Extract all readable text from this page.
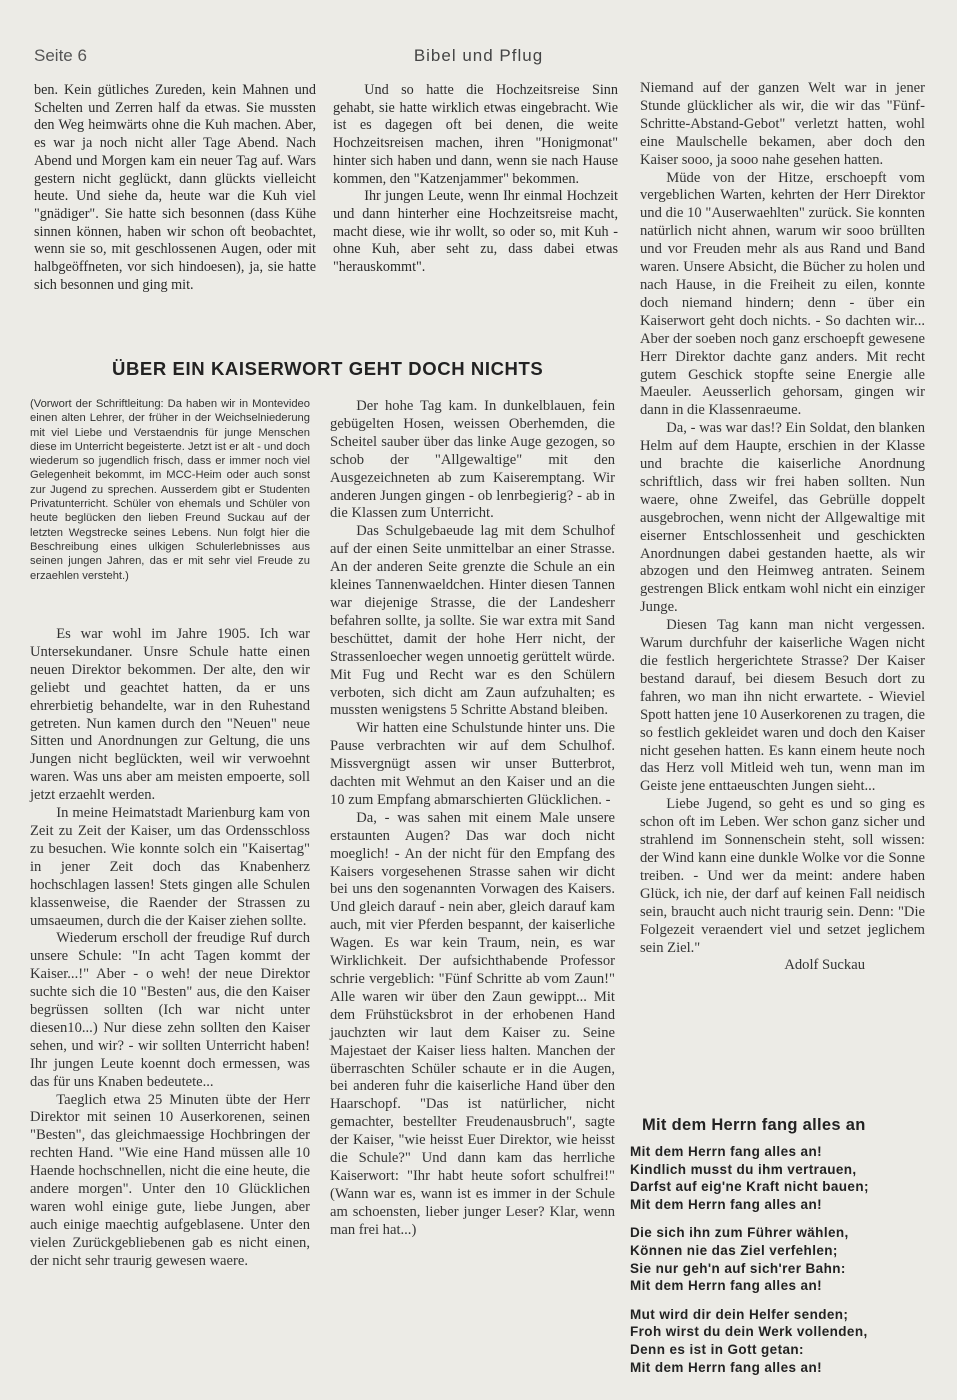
Seite 6	Bibel und Pflug

ben. Kein gütliches Zureden, kein Mahnen und Schelten und Zerren half da etwas. Sie mussten den Weg heimwärts ohne die Kuh machen. Aber, es war ja noch nicht aller Tage Abend. Nach Abend und Morgen kam ein neuer Tag auf. Wars gestern nicht geglückt, dann glückts vielleicht heute. Und siehe da, heute war die Kuh viel "gnädiger". Sie hatte sich besonnen (dass Kühe sinnen können, haben wir schon oft beobachtet, wenn sie so, mit geschlossenen Augen, oder mit halbgeöffneten, vor sich hindoesen), ja, sie hatte sich besonnen und ging mit.

Und so hatte die Hochzeitsreise Sinn gehabt, sie hatte wirklich etwas eingebracht. Wie ist es dagegen oft bei denen, die weite Hochzeitsreisen machen, ihren "Honigmonat" hinter sich haben und dann, wenn sie nach Hause kommen, den "Katzenjammer" bekommen.

Ihr jungen Leute, wenn Ihr einmal Hochzeit und dann hinterher eine Hochzeitsreise macht, macht diese, wie ihr wollt, so oder so, mit Kuh - ohne Kuh, aber seht zu, dass dabei etwas "herauskommt".

ÜBER EIN KAISERWORT GEHT DOCH NICHTS

(Vorwort der Schriftleitung: Da haben wir in Montevideo einen alten Lehrer, der früher in der Weichselniederung mit viel Liebe und Verstaendnis für junge Menschen diese im Unterricht begeisterte. Jetzt ist er alt - und doch wiederum so jugendlich frisch, dass er immer noch viel Gelegenheit bekommt, im MCC-Heim oder auch sonst zur Jugend zu sprechen. Ausserdem gibt er Studenten Privatunterricht. Schüler von ehemals und Schüler von heute beglücken den lieben Freund Suckau auf der letzten Wegstrecke seines Lebens. Nun folgt hier die Beschreibung eines ulkigen Schulerlebnisses aus seinen jungen Jahren, das er mit sehr viel Freude zu erzaehlen versteht.)

Es war wohl im Jahre 1905. Ich war Untersekundaner. Unsre Schule hatte einen neuen Direktor bekommen. Der alte, den wir geliebt und geachtet hatten, da er uns ehrerbietig behandelte, war in den Ruhestand getreten. Nun kamen durch den "Neuen" neue Sitten und Anordnungen zur Geltung, die uns Jungen nicht beglückten, weil wir verwoehnt waren. Was uns aber am meisten empoerte, soll jetzt erzaehlt werden.

In meine Heimatstadt Marienburg kam von Zeit zu Zeit der Kaiser, um das Ordensschloss zu besuchen. Wie konnte solch ein "Kaisertag" in jener Zeit doch das Knabenherz hochschlagen lassen! Stets gingen alle Schulen klassenweise, die Raender der Strassen zu umsaeumen, durch die der Kaiser ziehen sollte.

Wiederum erscholl der freudige Ruf durch unsere Schule: "In acht Tagen kommt der Kaiser...!" Aber - o weh! der neue Direktor suchte sich die 10 "Besten" aus, die den Kaiser begrüssen sollten (Ich war nicht unter diesen10...) Nur diese zehn sollten den Kaiser sehen, und wir? - wir sollten Unterricht haben! Ihr jungen Leute koennt doch ermessen, was das für uns Knaben bedeutete...

Taeglich etwa 25 Minuten übte der Herr Direktor mit seinen 10 Auserkorenen, seinen "Besten", das gleichmaessige Hochbringen der rechten Hand. "Wie eine Hand müssen alle 10 Haende hochschnellen, nicht die eine heute, die andere morgen". Unter den 10 Glücklichen waren wohl einige gute, liebe Jungen, aber auch einige maechtig aufgeblasene. Unter den vielen Zurückgebliebenen gab es nicht einen, der nicht sehr traurig gewesen waere.

Der hohe Tag kam. In dunkelblauen, fein gebügelten Hosen, weissen Oberhemden, die Scheitel sauber über das linke Auge gezogen, so schob der "Allgewaltige" mit den Ausgezeichneten ab zum Kaiseremptang. Wir anderen Jungen gingen - ob lenrbegierig? - ab in die Klassen zum Unterricht.

Das Schulgebaeude lag mit dem Schulhof auf der einen Seite unmittelbar an einer Strasse. An der anderen Seite grenzte die Schule an ein kleines Tannenwaeldchen. Hinter diesen Tannen war diejenige Strasse, die der Landesherr befahren sollte, ja sollte. Sie war extra mit Sand beschüttet, damit der hohe Herr nicht, der Strassenloecher wegen unnoetig gerüttelt würde. Mit Fug und Recht war es den Schülern verboten, sich dicht am Zaun aufzuhalten; es mussten wenigstens 5 Schritte Abstand bleiben.

Wir hatten eine Schulstunde hinter uns. Die Pause verbrachten wir auf dem Schulhof. Missvergnügt assen wir unser Butterbrot, dachten mit Wehmut an den Kaiser und an die 10 zum Empfang abmarschierten Glücklichen. -

Da, - was sahen mit einem Male unsere erstaunten Augen? Das war doch nicht moeglich! - An der nicht für den Empfang des Kaisers vorgesehenen Strasse sahen wir dicht bei uns den sogenannten Vorwagen des Kaisers. Und gleich darauf - nein aber, gleich darauf kam auch, mit vier Pferden bespannt, der kaiserliche Wagen. Es war kein Traum, nein, es war Wirklichkeit. Der aufsichthabende Professor schrie vergeblich: "Fünf Schritte ab vom Zaun!" Alle waren wir über den Zaun gewippt... Mit dem Frühstücksbrot in der erhobenen Hand jauchzten wir laut dem Kaiser zu. Seine Majestaet der Kaiser liess halten. Manchen der überraschten Schüler schaute er in die Augen, bei anderen fuhr die kaiserliche Hand über den Haarschopf. "Das ist natürlicher, nicht gemachter, bestellter Freudenausbruch", sagte der Kaiser, "wie heisst Euer Direktor, wie heisst die Schule?" Und dann kam das herrliche Kaiserwort: "Ihr habt heute sofort schulfrei!" (Wann war es, wann ist es immer in der Schule am schoensten, lieber junger Leser? Klar, wenn man frei hat...)

Niemand auf der ganzen Welt war in jener Stunde glücklicher als wir, die wir das "Fünf-Schritte-Abstand-Gebot" verletzt hatten, wohl eine Maulschelle bekamen, aber doch den Kaiser sooo, ja sooo nahe gesehen hatten.

Müde von der Hitze, erschoepft vom vergeblichen Warten, kehrten der Herr Direktor und die 10 "Auserwaehlten" zurück. Sie konnten natürlich nicht ahnen, warum wir sooo brüllten und vor Freuden mehr als aus Rand und Band waren. Unsere Absicht, die Bücher zu holen und nach Hause, in die Freiheit zu eilen, konnte doch niemand hindern; denn - über ein Kaiserwort geht doch nichts. - So dachten wir... Aber der soeben noch ganz erschoepft gewesene Herr Direktor dachte ganz anders. Mit recht gutem Geschick stopfte seine Energie alle Maeuler. Aeusserlich gehorsam, gingen wir dann in die Klassenraeume.

Da, - was war das!? Ein Soldat, den blanken Helm auf dem Haupte, erschien in der Klasse und brachte die kaiserliche Anordnung schriftlich, dass wir frei haben sollten. Nun waere, ohne Zweifel, das Gebrülle doppelt ausgebrochen, wenn nicht der Allgewaltige mit eiserner Entschlossenheit und geschickten Anordnungen dabei gestanden haette, als wir abzogen und den Heimweg antraten. Seinem gestrengen Blick entkam wohl nicht ein einziger Junge.

Diesen Tag kann man nicht vergessen. Warum durchfuhr der kaiserliche Wagen nicht die festlich hergerichtete Strasse? Der Kaiser bestand darauf, bei diesem Besuch dort zu fahren, wo man ihn nicht erwartete. - Wieviel Spott hatten jene 10 Auserkorenen zu tragen, die so festlich gekleidet waren und doch den Kaiser nicht gesehen hatten. Es kann einem heute noch das Herz voll Mitleid weh tun, wenn man im Geiste jene enttaeuschten Jungen sieht...

Liebe Jugend, so geht es und so ging es schon oft im Leben. Wer schon ganz sicher und strahlend im Sonnenschein steht, soll wissen: der Wind kann eine dunkle Wolke vor die Sonne treiben. - Und wer da meint: andere haben Glück, ich nie, der darf auf keinen Fall neidisch sein, braucht auch nicht traurig sein. Denn: "Die Folgezeit veraendert viel und setzet jeglichem sein Ziel."

Adolf Suckau

Mit dem Herrn fang alles an
Mit dem Herrn fang alles an!
Kindlich musst du ihm vertrauen,
Darfst auf eig'ne Kraft nicht bauen;
Mit dem Herrn fang alles an!
Die sich ihn zum Führer wählen,
Können nie das Ziel verfehlen;
Sie nur geh'n auf sich'rer Bahn:
Mit dem Herrn fang alles an!
Mut wird dir dein Helfer senden;
Froh wirst du dein Werk vollenden,
Denn es ist in Gott getan:
Mit dem Herrn fang alles an!
